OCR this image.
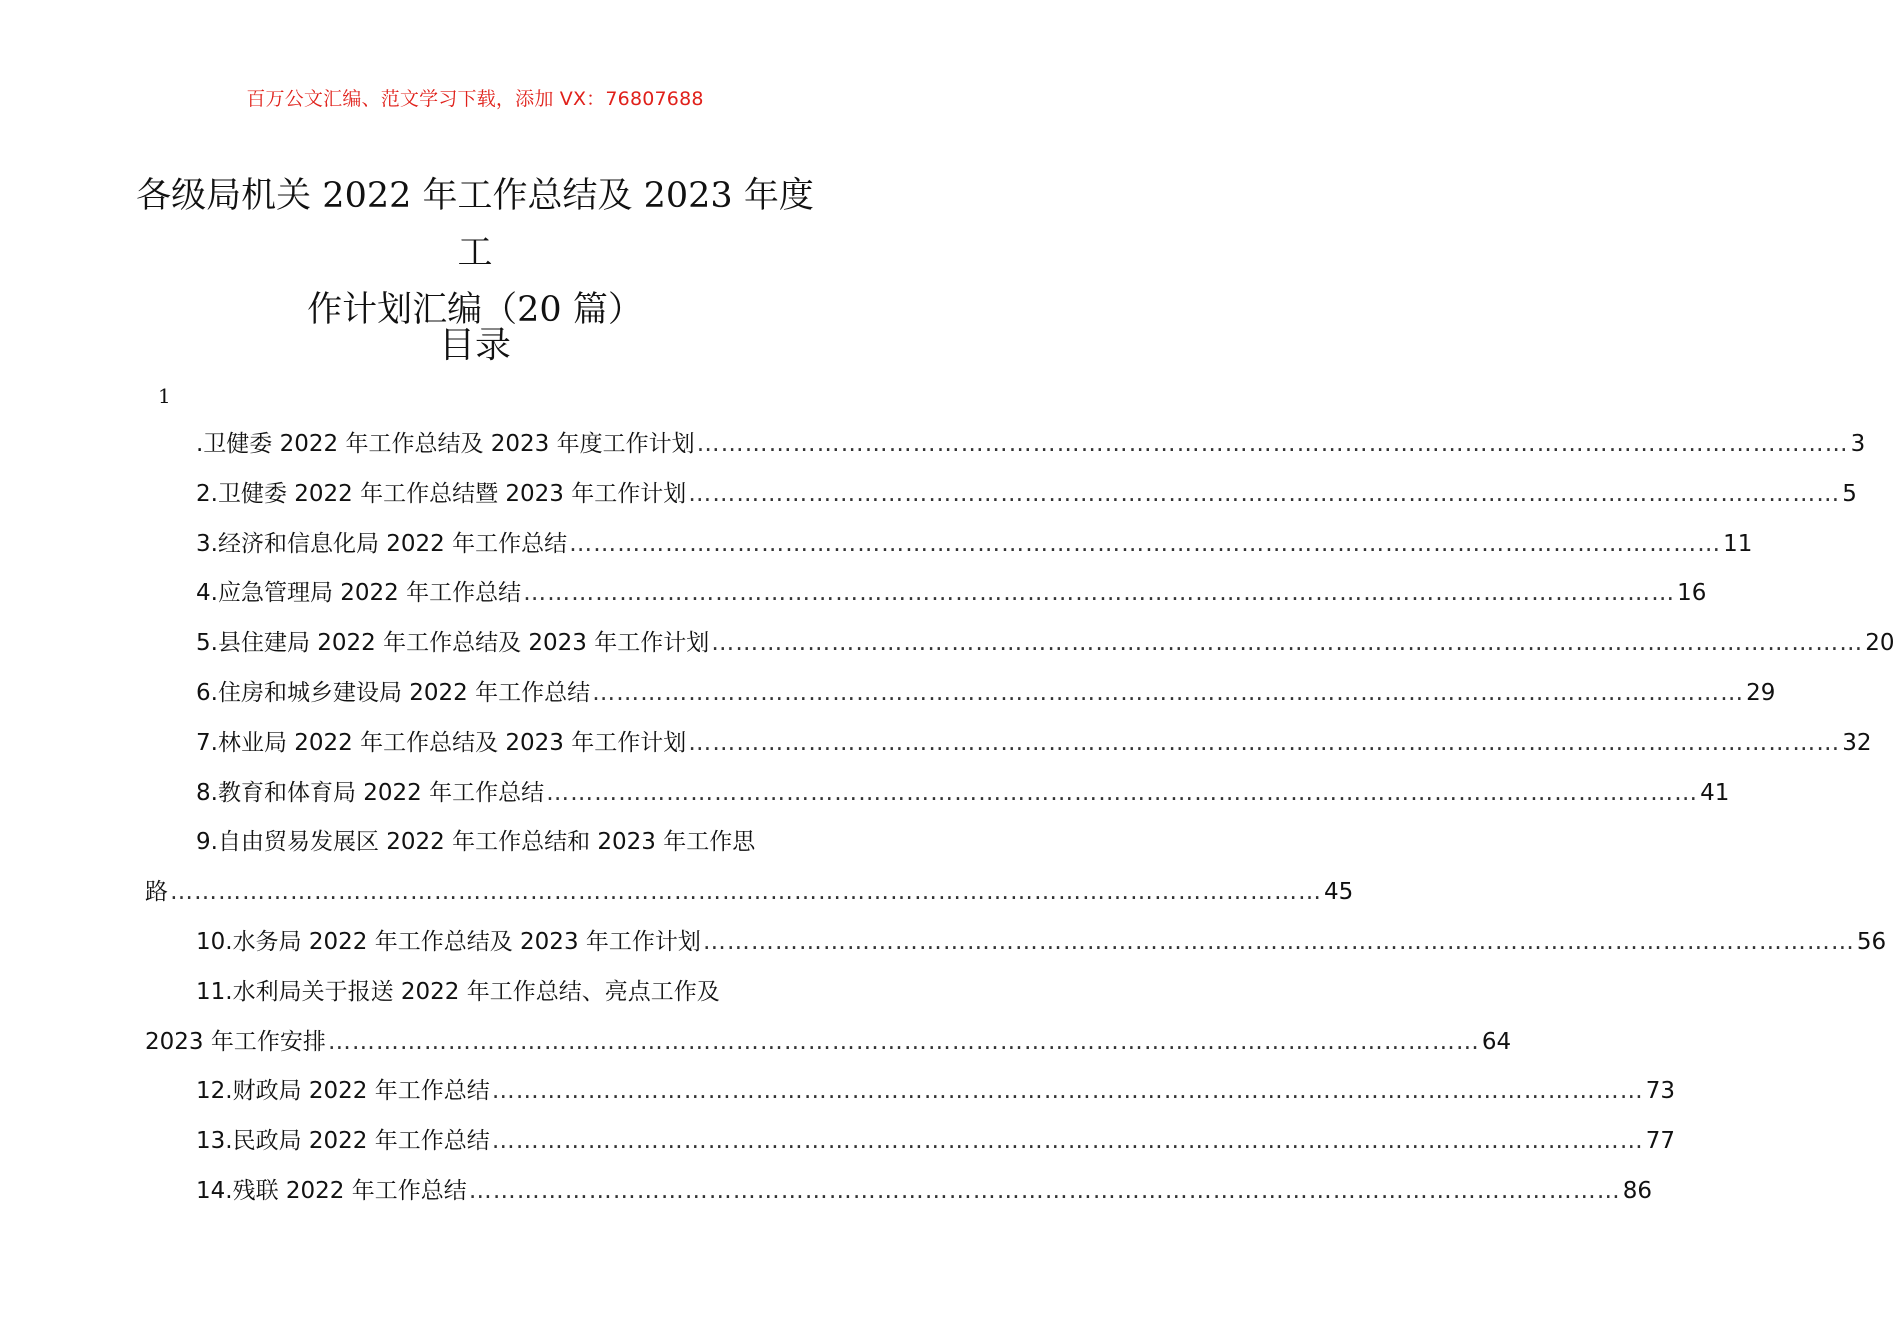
百万公文汇编、范文学习下载，添加 VX：76807688
各级局机关 2022 年工作总结及 2023 年度工
作计划汇编（20 篇）
目录
1
.卫健委 2022 年工作总结及 2023 年度工作计划 ……………………………………………………………………………………………………………………………… 3
2.卫健委 2022 年工作总结暨 2023 年工作计划 ……………………………………………………………………………………………………………………………… 5
3.经济和信息化局 2022 年工作总结 ……………………………………………………………………………………………………………………………… 11
4.应急管理局 2022 年工作总结 ……………………………………………………………………………………………………………………………… 16
5.县住建局 2022 年工作总结及 2023 年工作计划 ……………………………………………………………………………………………………………………………… 20
6.住房和城乡建设局 2022 年工作总结 ……………………………………………………………………………………………………………………………… 29
7.林业局 2022 年工作总结及 2023 年工作计划 ……………………………………………………………………………………………………………………………… 32
8.教育和体育局 2022 年工作总结 ……………………………………………………………………………………………………………………………… 41
9.自由贸易发展区 2022 年工作总结和 2023 年工作思
路 ……………………………………………………………………………………………………………………………… 45
10.水务局 2022 年工作总结及 2023 年工作计划 ……………………………………………………………………………………………………………………………… 56
11.水利局关于报送 2022 年工作总结、亮点工作及
2023 年工作安排 ……………………………………………………………………………………………………………………………… 64
12.财政局 2022 年工作总结 ……………………………………………………………………………………………………………………………… 73
13.民政局 2022 年工作总结 ……………………………………………………………………………………………………………………………… 77
14.残联 2022 年工作总结 ……………………………………………………………………………………………………………………………… 86
